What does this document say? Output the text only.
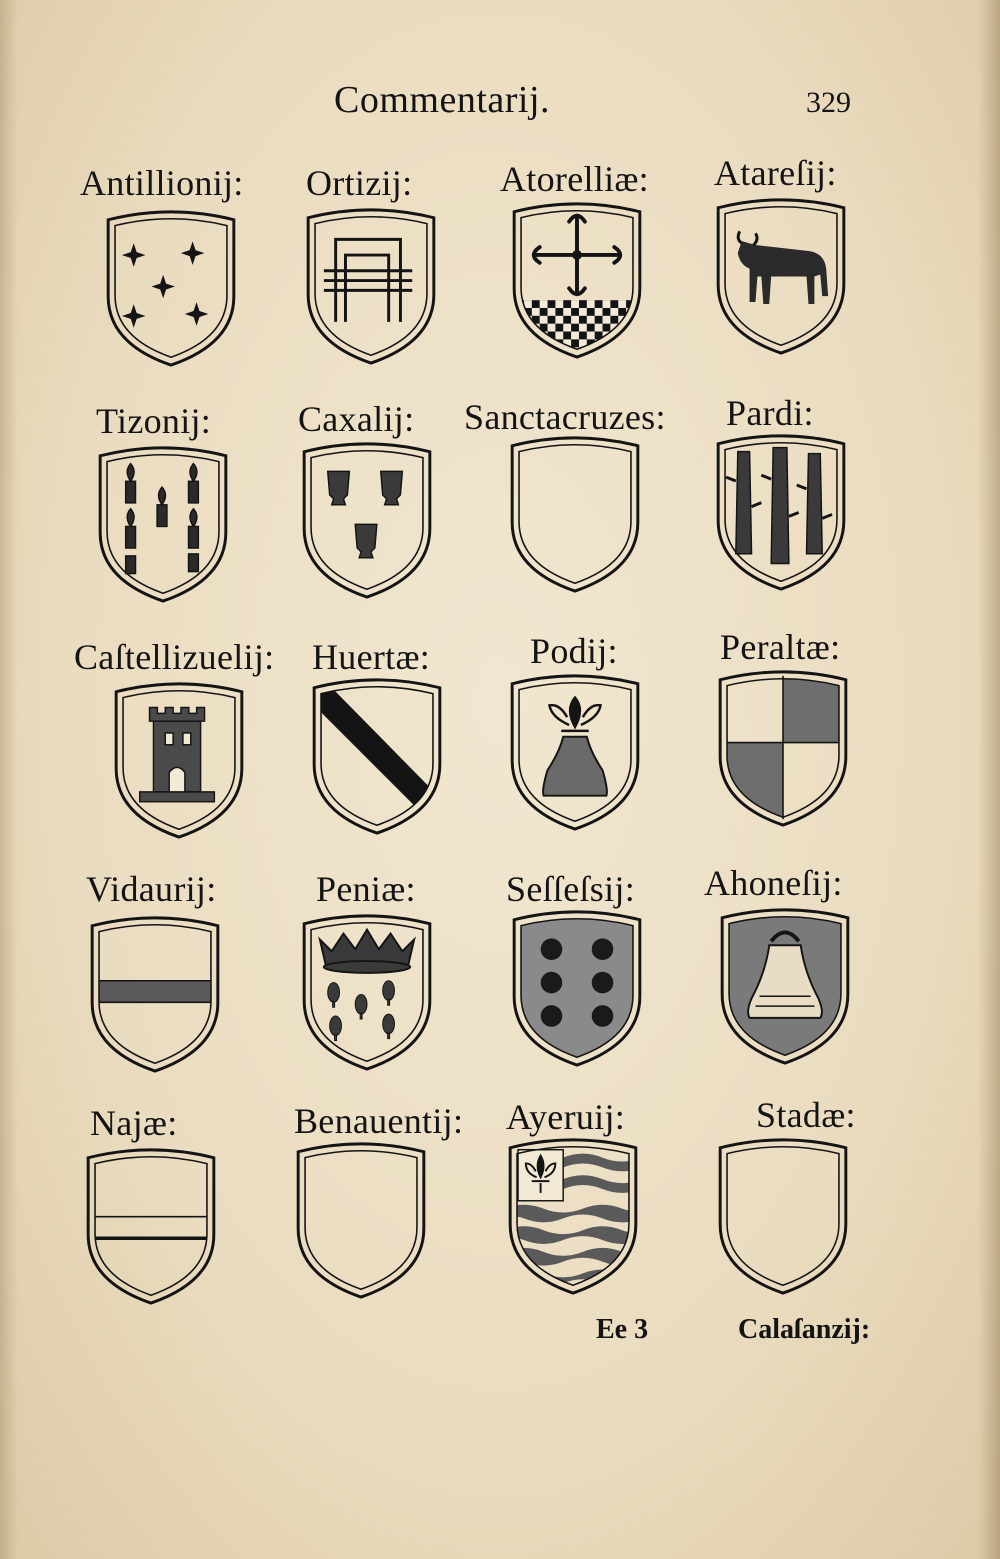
Commentarij.	329
Antillionij: Ortizij: Atorelliæ: Atareſij:
Tizonij: Caxalij: Sanctacruzes: Pardi:
Caſtellizuelij: Huertæ:	Podij:	Peraltæ:
Vidaurij:	Peniæ:	Seſſeſsij: Ahoneſij:
Najæ:	Benauentij: Ayeruij:	Stadæ:
Ee 3	Calaſanzij:
